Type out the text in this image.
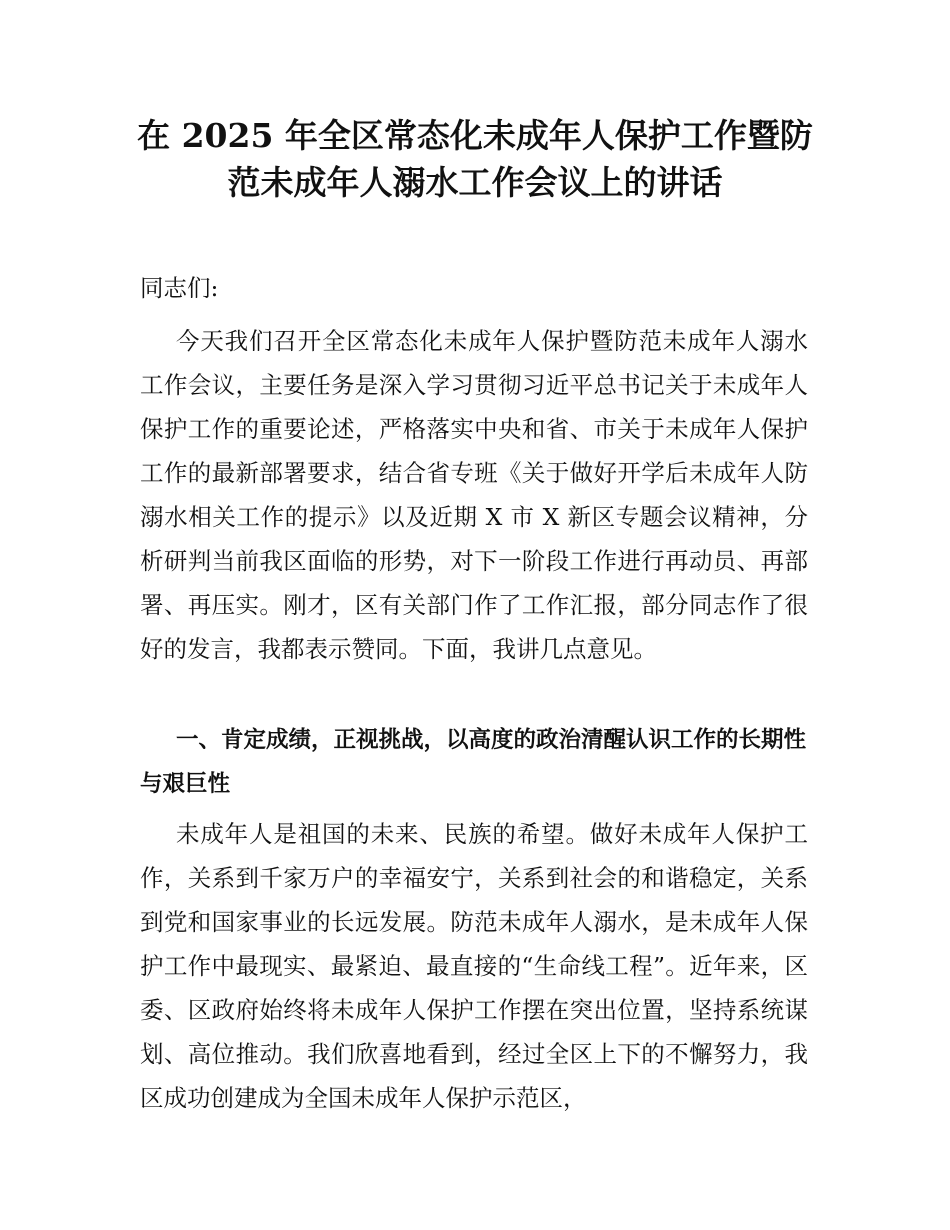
在 2025 年全区常态化未成年人保护工作暨防
范未成年人溺水工作会议上的讲话

同志们:

今天我们召开全区常态化未成年人保护暨防范未成年人溺水工作会议，主要任务是深入学习贯彻习近平总书记关于未成年人保护工作的重要论述，严格落实中央和省、市关于未成年人保护工作的最新部署要求，结合省专班《关于做好开学后未成年人防溺水相关工作的提示》以及近期 X 市 X 新区专题会议精神，分析研判当前我区面临的形势，对下一阶段工作进行再动员、再部署、再压实。刚才，区有关部门作了工作汇报，部分同志作了很好的发言，我都表示赞同。下面，我讲几点意见。

一、肯定成绩，正视挑战，以高度的政治清醒认识工作的长期性与艰巨性

未成年人是祖国的未来、民族的希望。做好未成年人保护工作，关系到千家万户的幸福安宁，关系到社会的和谐稳定，关系到党和国家事业的长远发展。防范未成年人溺水，是未成年人保护工作中最现实、最紧迫、最直接的“生命线工程”。近年来，区委、区政府始终将未成年人保护工作摆在突出位置，坚持系统谋划、高位推动。我们欣喜地看到，经过全区上下的不懈努力，我区成功创建成为全国未成年人保护示范区，
